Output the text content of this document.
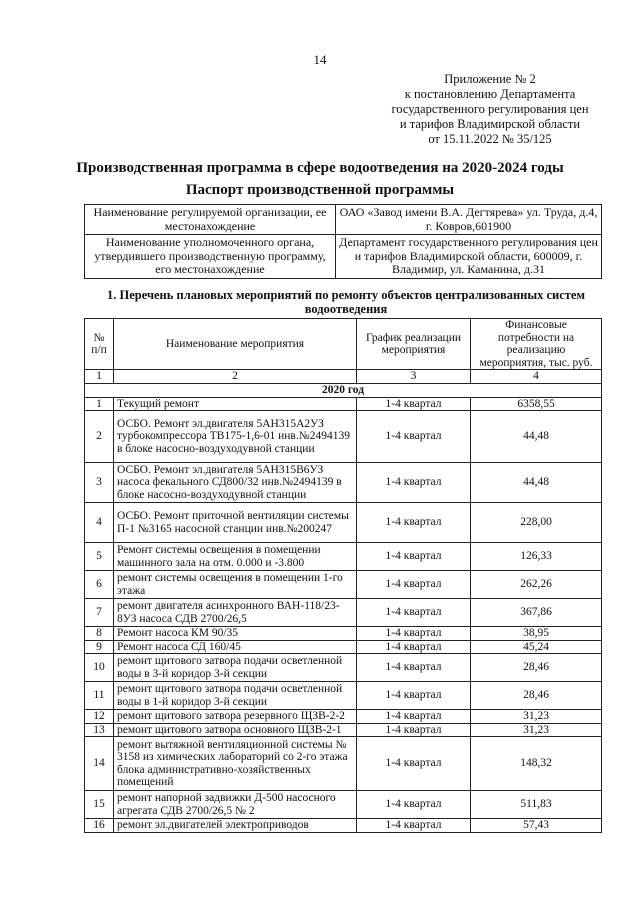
14
Приложение № 2
к постановлению Департамента
государственного регулирования цен
и тарифов Владимирской области
от 15.11.2022 № 35/125
Производственная программа в сфере водоотведения на 2020-2024 годы
Паспорт производственной программы
Наименование регулируемой организации, ее местонахождение	ОАО «Завод имени В.А. Дегтярева» ул. Труда, д.4, г. Ковров,601900
Наименование уполномоченного органа, утвердившего производственную программу, его местонахождение	Департамент государственного регулирования цен и тарифов Владимирской области, 600009, г. Владимир, ул. Каманина, д.31
1. Перечень плановых мероприятий по ремонту объектов централизованных систем водоотведения
№ п/п	Наименование мероприятия	График реализации мероприятия	Финансовые потребности на реализацию мероприятия, тыс. руб.
1	2	3	4
2020 год			
1	Текущий ремонт	1-4 квартал	6358,55
2	ОСБО. Ремонт эл.двигателя 5АН315А2УЗ турбокомпрессора ТВ175-1,6-01 инв.№2494139 в блоке насосно-воздуходувной станции	1-4 квартал	44,48
3	ОСБО. Ремонт эл.двигателя 5АН315В6УЗ насоса фекального СД800/32 инв.№2494139 в блоке насосно-воздуходувной станции	1-4 квартал	44,48
4	ОСБО. Ремонт приточной вентиляции системы П-1 №3165 насосной станции инв.№200247	1-4 квартал	228,00
5	Ремонт системы освещения в помещении машинного зала на отм. 0.000 и -3.800	1-4 квартал	126,33
6	ремонт системы освещения в помещении 1-го этажа	1-4 квартал	262,26
7	ремонт двигателя асинхронного ВАН-118/23-8УЗ насоса СДВ 2700/26,5	1-4 квартал	367,86
8	Ремонт насоса КМ 90/35	1-4 квартал	38,95
9	Ремонт насоса СД 160/45	1-4 квартал	45,24
10	ремонт щитового затвора подачи осветленной воды в 3-й коридор 3-й секции	1-4 квартал	28,46
11	ремонт щитового затвора подачи осветленной воды в 1-й коридор 3-й секции	1-4 квартал	28,46
12	ремонт щитового затвора резервного ЩЗВ-2-2	1-4 квартал	31,23
13	ремонт щитового затвора основного ЩЗВ-2-1	1-4 квартал	31,23
14	ремонт вытяжной вентиляционной системы № 3158 из химических лабораторий со 2-го этажа блока административно-хозяйственных помещений	1-4 квартал	148,32
15	ремонт напорной задвижки Д-500 насосного агрегата СДВ 2700/26,5 № 2	1-4 квартал	511,83
16	ремонт эл.двигателей электроприводов	1-4 квартал	57,43
